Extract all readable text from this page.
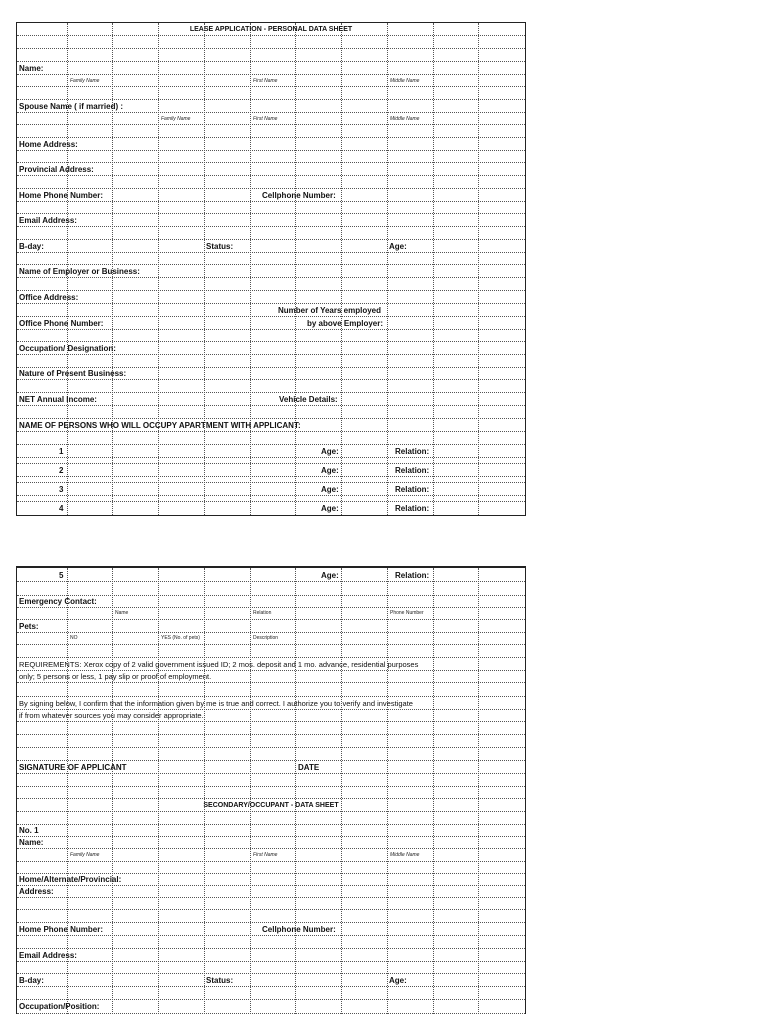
LEASE APPLICATION - PERSONAL DATA SHEET
Name:
Family Name	First Name	Middle Name
Spouse Name ( if married) :
Family Name	First Name	Middle Name
Home Address:
Provincial Address:
Home Phone Number:	Cellphone Number:
Email Address:
B-day:	Status:	Age:
Name of Employer or Business:
Office Address:
Number of Years employed
Office Phone Number:	by above Employer:
Occupation/ Designation:
Nature of Present Business:
NET Annual Income:	Vehicle Details:
NAME OF PERSONS WHO WILL OCCUPY APARTMENT WITH APPLICANT:
1	Age:	Relation:
2	Age:	Relation:
3	Age:	Relation:
4	Age:	Relation:
5	Age:	Relation:
Emergency Contact:
Name	Relation	Phone Number
Pets:
NO	YES (No. of pets)	Description
REQUIREMENTS: Xerox copy of 2 valid government issued ID; 2 mos. deposit and 1 mo. advance, residential purposes
only; 5 persons or less, 1 pay slip or proof of employment.
By signing below, I confirm that the information given by me is true and correct. I authorize you to verify and investigate
if from whatever sources you may consider appropriate.
SIGNATURE OF APPLICANT	DATE
SECONDARY/OCCUPANT - DATA SHEET
No. 1
Name:
Family Name	First Name	Middle Name
Home/Alternate/Provincial:
Address:
Home Phone Number:	Cellphone Number:
Email Address:
B-day:	Status:	Age:
Occupation/Position:
